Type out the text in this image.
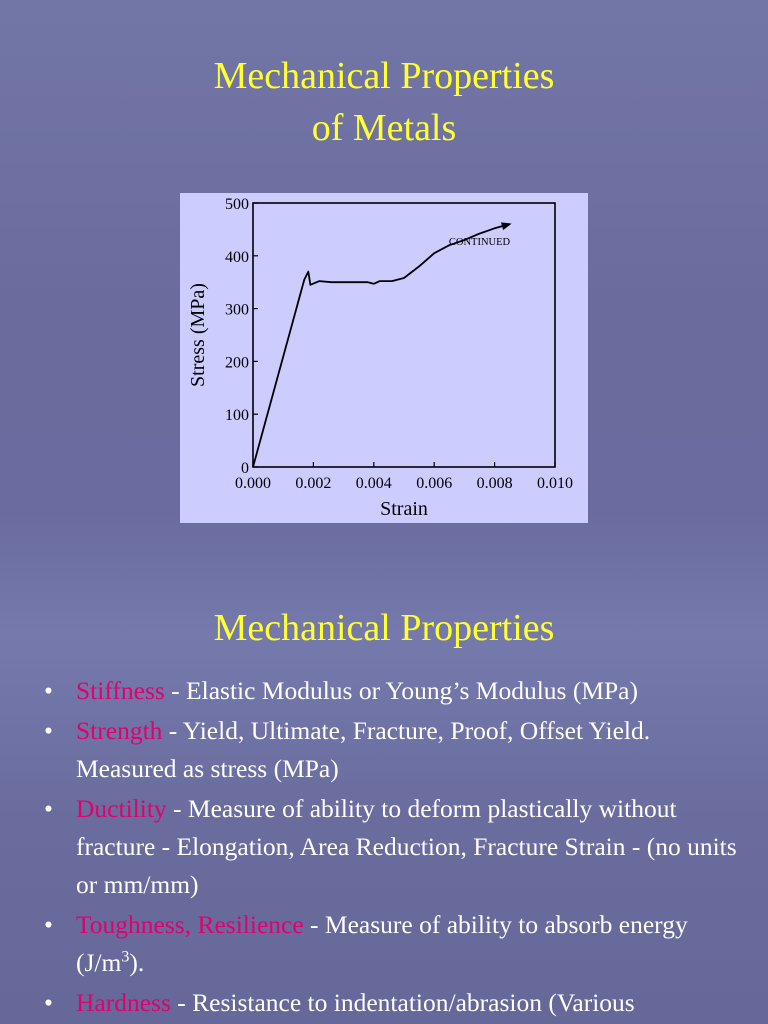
Mechanical Properties
of Metals
0.000 0.002 0.004 0.006 0.008 0.010
0
100
200
300
400
500
Strain
Stress (MPa)
CONTINUED
Mechanical Properties
• Stiffness - Elastic Modulus or Young’s Modulus (MPa)
• Strength - Yield, Ultimate, Fracture, Proof, Offset Yield. Measured as stress (MPa)
• Ductility - Measure of ability to deform plastically without fracture - Elongation, Area Reduction, Fracture Strain - (no units or mm/mm)
• Toughness, Resilience - Measure of ability to absorb energy $(J/m^3)$.
• Hardness - Resistance to indentation/abrasion (Various
